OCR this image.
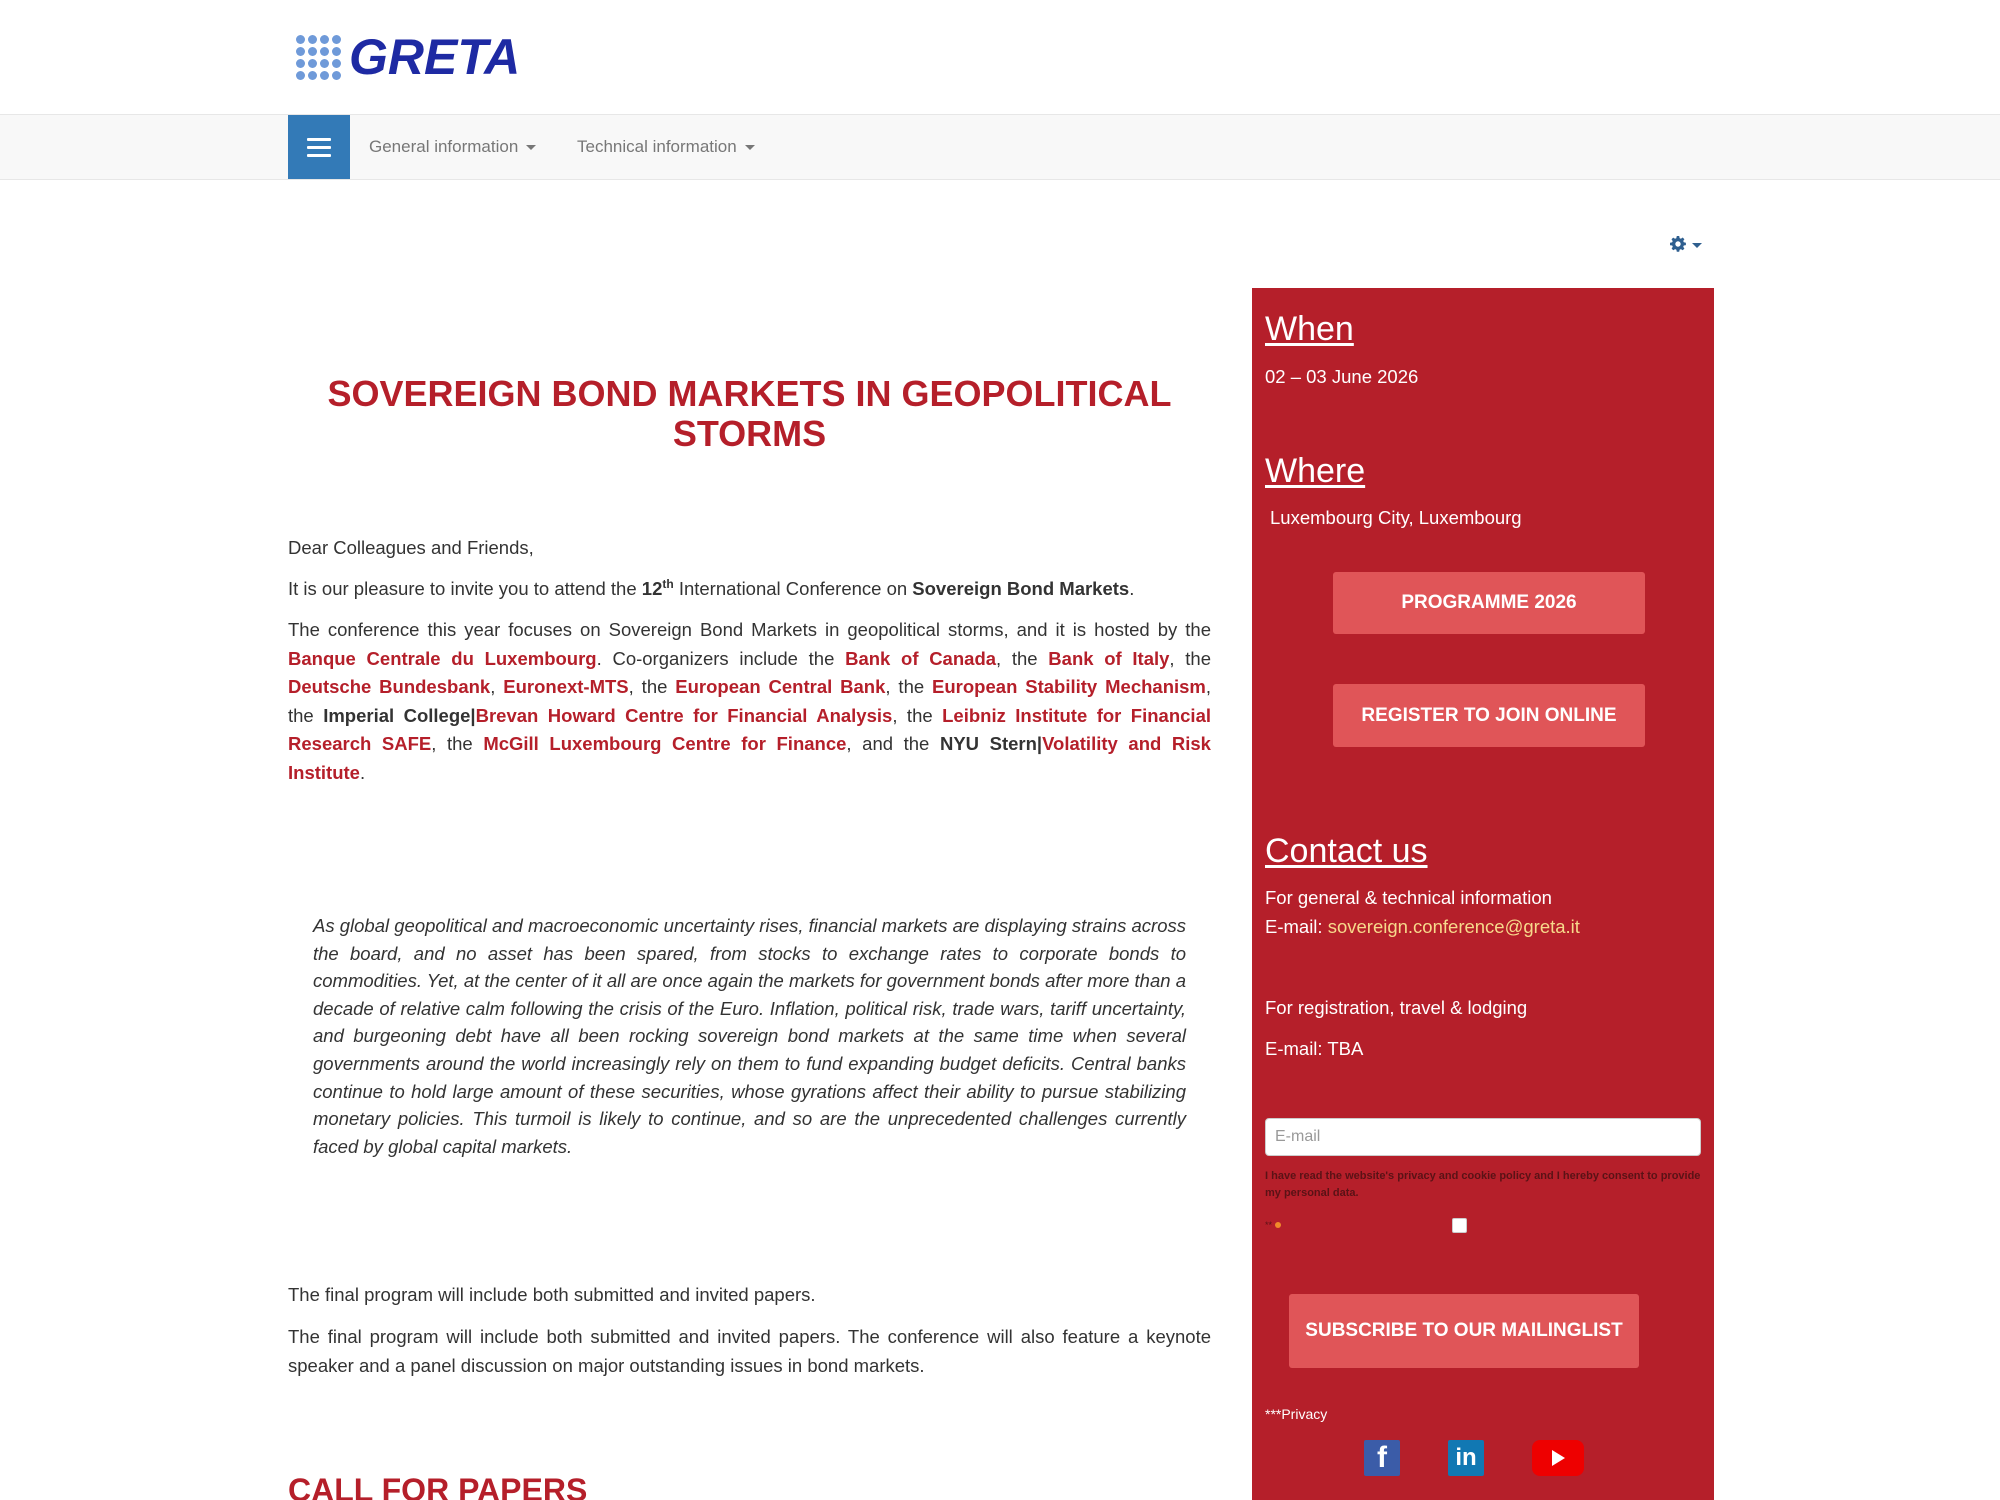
GRETA
General information	Technical information
SOVEREIGN BOND MARKETS IN GEOPOLITICAL STORMS

Dear Colleagues and Friends,

It is our pleasure to invite you to attend the 12th International Conference on Sovereign Bond Markets.

The conference this year focuses on Sovereign Bond Markets in geopolitical storms, and it is hosted by the Banque Centrale du Luxembourg. Co-organizers include the Bank of Canada, the Bank of Italy, the Deutsche Bundesbank, Euronext-MTS, the European Central Bank, the European Stability Mechanism, the Imperial College|Brevan Howard Centre for Financial Analysis, the Leibniz Institute for Financial Research SAFE, the McGill Luxembourg Centre for Finance, and the NYU Stern|Volatility and Risk Institute.

As global geopolitical and macroeconomic uncertainty rises, financial markets are displaying strains across the board, and no asset has been spared, from stocks to exchange rates to corporate bonds to commodities. Yet, at the center of it all are once again the markets for government bonds after more than a decade of relative calm following the crisis of the Euro. Inflation, political risk, trade wars, tariff uncertainty, and burgeoning debt have all been rocking sovereign bond markets at the same time when several governments around the world increasingly rely on them to fund expanding budget deficits. Central banks continue to hold large amount of these securities, whose gyrations affect their ability to pursue stabilizing monetary policies. This turmoil is likely to continue, and so are the unprecedented challenges currently faced by global capital markets.

The final program will include both submitted and invited papers.

The final program will include both submitted and invited papers. The conference will also feature a keynote speaker and a panel discussion on major outstanding issues in bond markets.

CALL FOR PAPERS
When
02 – 03 June 2026
Where
Luxembourg City, Luxembourg
PROGRAMME 2026
REGISTER TO JOIN ONLINE
Contact us
For general & technical information
E-mail: sovereign.conference@greta.it
For registration, travel & lodging
E-mail: TBA
E-mail
I have read the website's privacy and cookie policy and I hereby consent to provide my personal data.
**
SUBSCRIBE TO OUR MAILINGLIST
***Privacy
f	in
